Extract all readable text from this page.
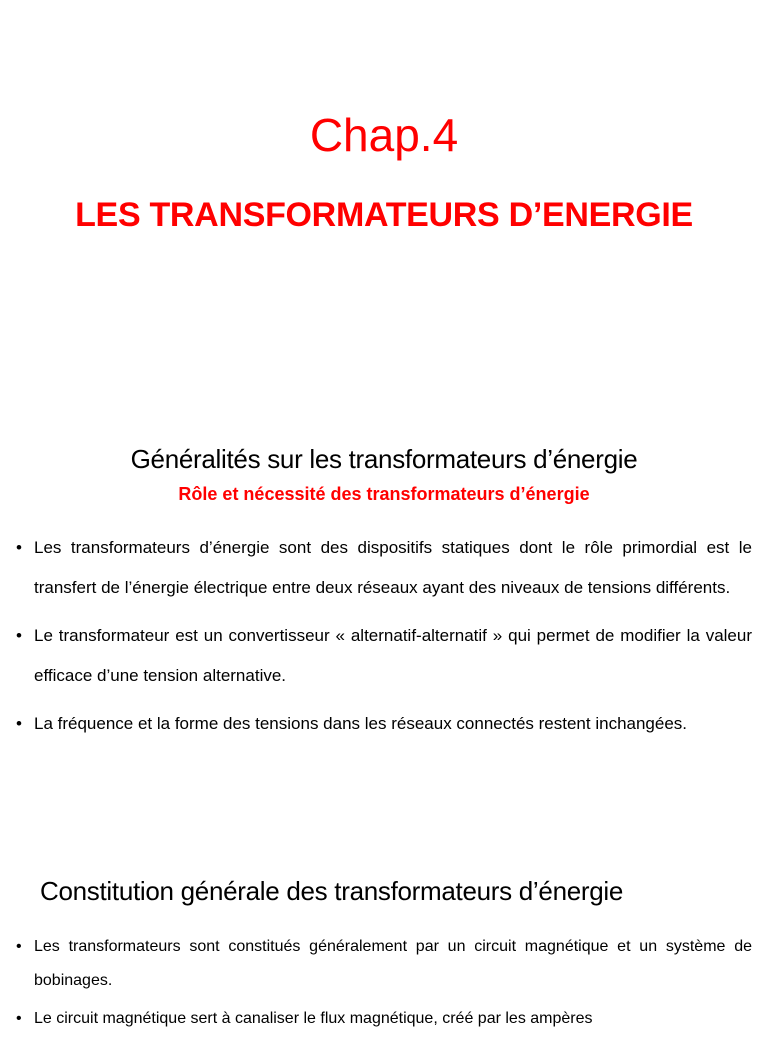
Chap.4
LES TRANSFORMATEURS D’ENERGIE
Généralités sur les transformateurs d’énergie
Rôle et nécessité des transformateurs d’énergie
• Les transformateurs d’énergie sont des dispositifs statiques dont le rôle primordial est le transfert de l’énergie électrique entre deux réseaux ayant des niveaux de tensions différents.
• Le transformateur est un convertisseur « alternatif-alternatif » qui permet de modifier la valeur efficace d’une tension alternative.
• La fréquence et la forme des tensions dans les réseaux connectés restent inchangées.
Constitution générale des transformateurs d’énergie
• Les transformateurs sont constitués généralement par un circuit magnétique et un système de bobinages.
• Le circuit magnétique sert à canaliser le flux magnétique, créé par les ampères
